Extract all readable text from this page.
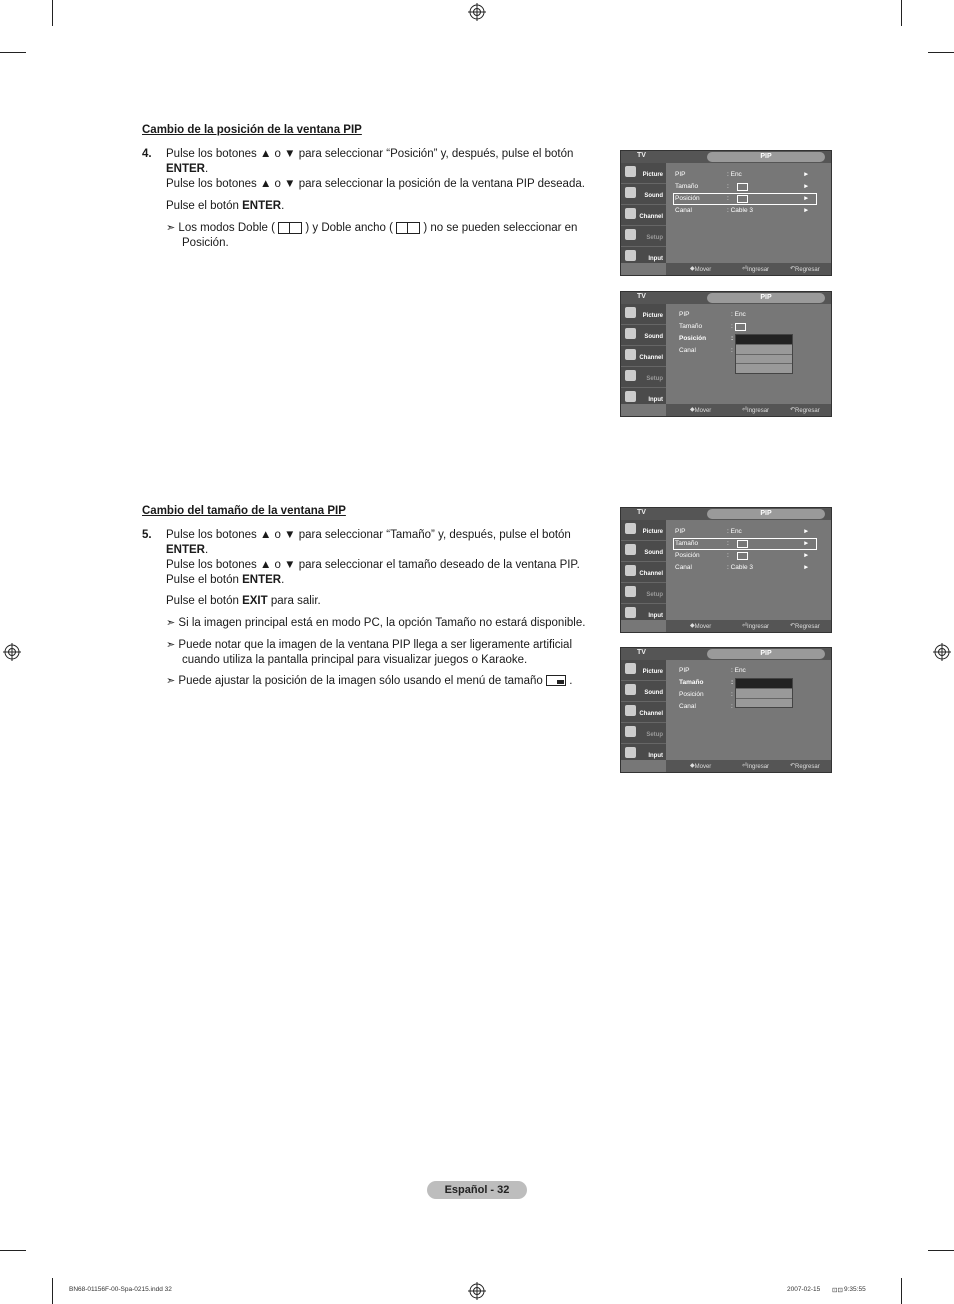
Cambio de la posición de la ventana PIP
4. Pulse los botones ▲ o ▼ para seleccionar “Posición” y, después, pulse el botón
ENTER.
Pulse los botones ▲ o ▼ para seleccionar la posición de la ventana PIP deseada.
Pulse el botón ENTER.
➣ Los modos Doble (	) y Doble ancho (	) no se pueden seleccionar en
Posición.
Cambio del tamaño de la ventana PIP
5. Pulse los botones ▲ o ▼ para seleccionar “Tamaño” y, después, pulse el botón
ENTER.
Pulse los botones ▲ o ▼ para seleccionar el tamaño deseado de la ventana PIP.
Pulse el botón ENTER.
Pulse el botón EXIT para salir.
➣ Si la imagen principal está en modo PC, la opción Tamaño no estará disponible.
➣ Puede notar que la imagen de la ventana PIP llega a ser ligeramente artificial
cuando utiliza la pantalla principal para visualizar juegos o Karaoke.
➣ Puede ajustar la posición de la imagen sólo usando el menú de tamaño .
TV	PIP
Picture
Sound
Channel
Setup
Input
PIP	: Enc	►
Tamaño	:	►
Posición	:	►
Canal	: Cable 3	►
◆ Mover	⏎ Ingresar	↶ Regresar
TV	PIP
Picture
Sound
Channel
Setup
Input
PIP	: Enc
Tamaño	:
Posición	:
Canal	:
◆ Mover	⏎ Ingresar	↶ Regresar
TV	PIP
Picture
Sound
Channel
Setup
Input
PIP	: Enc	►
Tamaño	:	►
Posición	:	►
Canal	: Cable 3	►
◆ Mover	⏎ Ingresar	↶ Regresar
TV	PIP
Picture
Sound
Channel
Setup
Input
PIP	: Enc
Tamaño	:
Posición	:
Canal	:
◆ Mover	⏎ Ingresar	↶ Regresar
Español - 32
BN68-01156F-00-Spa-0215.indd 32	2007-02-15 ⊡⊡ 9:35:55
